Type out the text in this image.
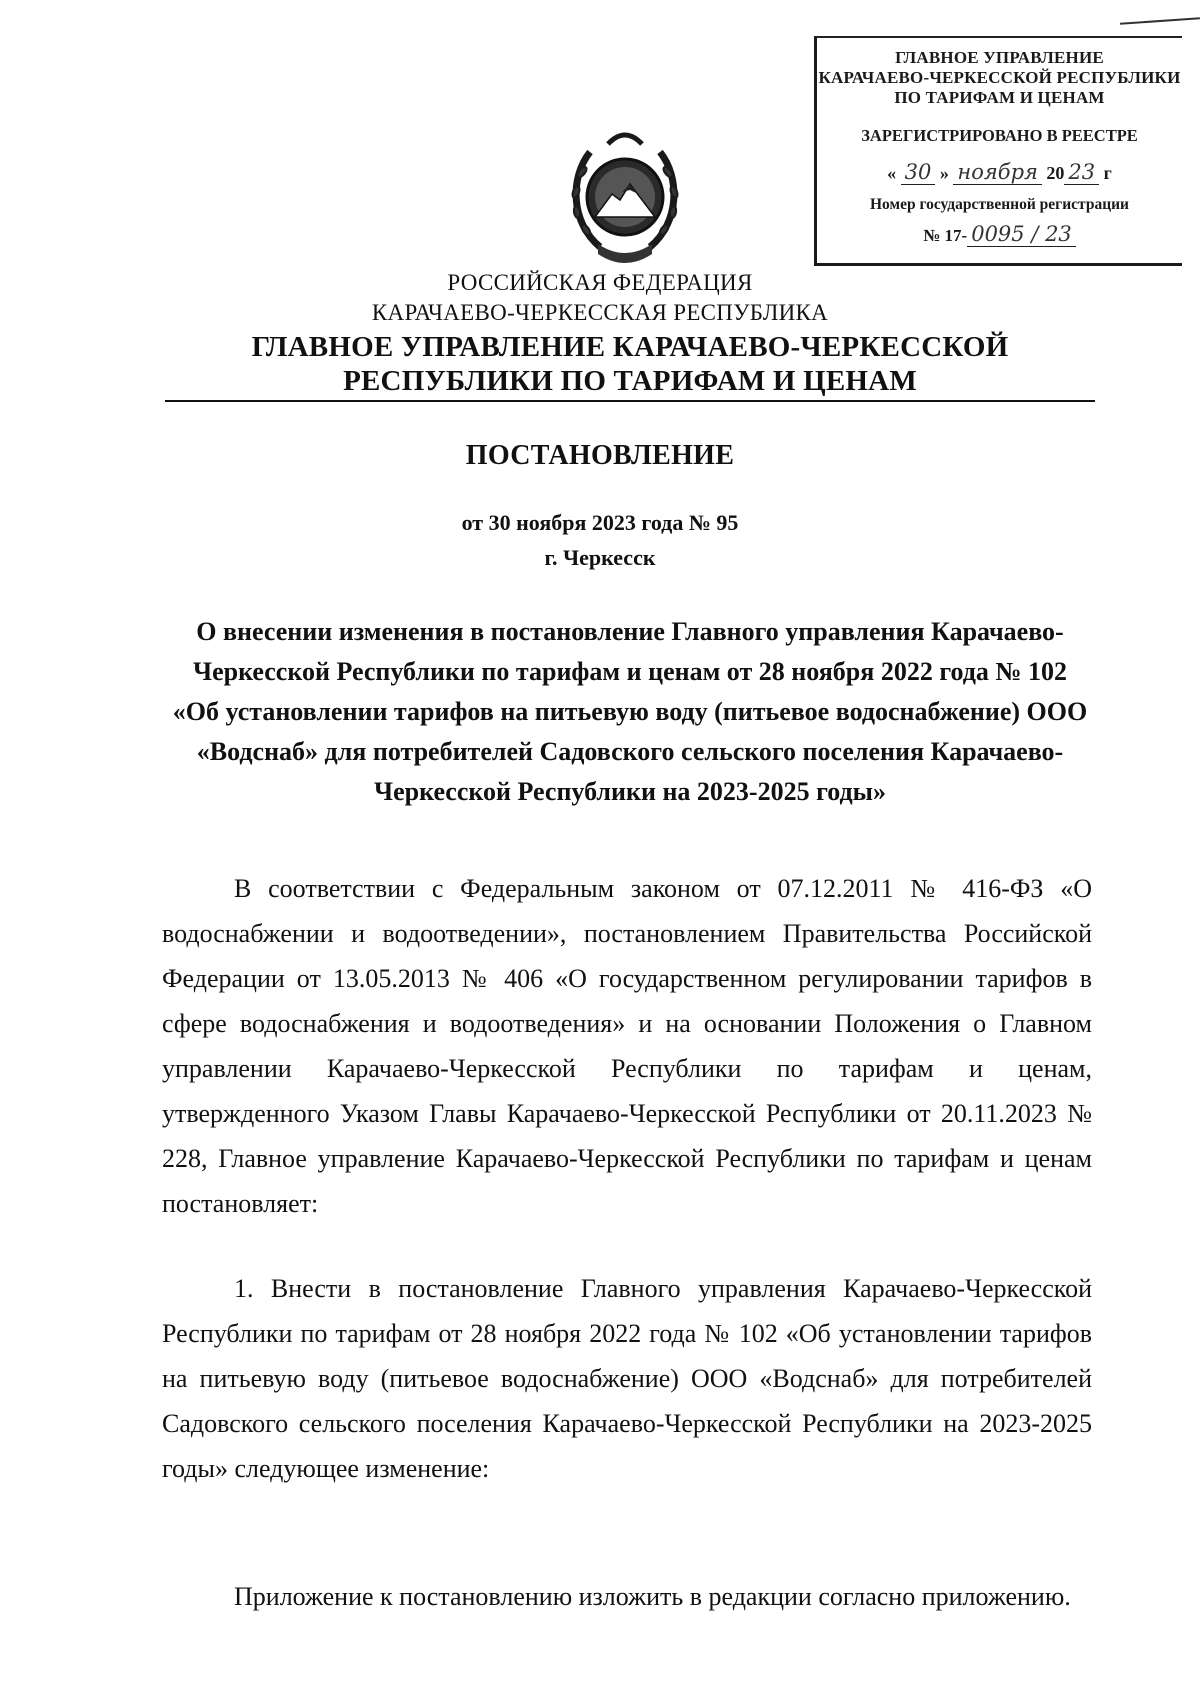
ГЛАВНОЕ УПРАВЛЕНИЕ
КАРАЧАЕВО-ЧЕРКЕССКОЙ РЕСПУБЛИКИ
ПО ТАРИФАМ И ЦЕНАМ
ЗАРЕГИСТРИРОВАНО В РЕЕСТРЕ
« 30 » ноября 20 23 г
Номер государственной регистрации
№ 17- 0095 / 23
РОССИЙСКАЯ ФЕДЕРАЦИЯ
КАРАЧАЕВО-ЧЕРКЕССКАЯ РЕСПУБЛИКА
ГЛАВНОЕ УПРАВЛЕНИЕ КАРАЧАЕВО-ЧЕРКЕССКОЙ РЕСПУБЛИКИ ПО ТАРИФАМ И ЦЕНАМ
ПОСТАНОВЛЕНИЕ
от 30 ноября 2023 года № 95
г. Черкесск
О внесении изменения в постановление Главного управления Карачаево-Черкесской Республики по тарифам и ценам от 28 ноября 2022 года № 102 «Об установлении тарифов на питьевую воду (питьевое водоснабжение) ООО «Водснаб» для потребителей Садовского сельского поселения Карачаево-Черкесской Республики на 2023-2025 годы»
В соответствии с Федеральным законом от 07.12.2011 № 416-ФЗ «О водоснабжении и водоотведении», постановлением Правительства Российской Федерации от 13.05.2013 № 406 «О государственном регулировании тарифов в сфере водоснабжения и водоотведения» и на основании Положения о Главном управлении Карачаево-Черкесской Республики по тарифам и ценам, утвержденного Указом Главы Карачаево-Черкесской Республики от 20.11.2023 № 228, Главное управление Карачаево-Черкесской Республики по тарифам и ценам постановляет:
1. Внести в постановление Главного управления Карачаево-Черкесской Республики по тарифам от 28 ноября 2022 года № 102 «Об установлении тарифов на питьевую воду (питьевое водоснабжение) ООО «Водснаб» для потребителей Садовского сельского поселения Карачаево-Черкесской Республики на 2023-2025 годы» следующее изменение:
Приложение к постановлению изложить в редакции согласно приложению.
